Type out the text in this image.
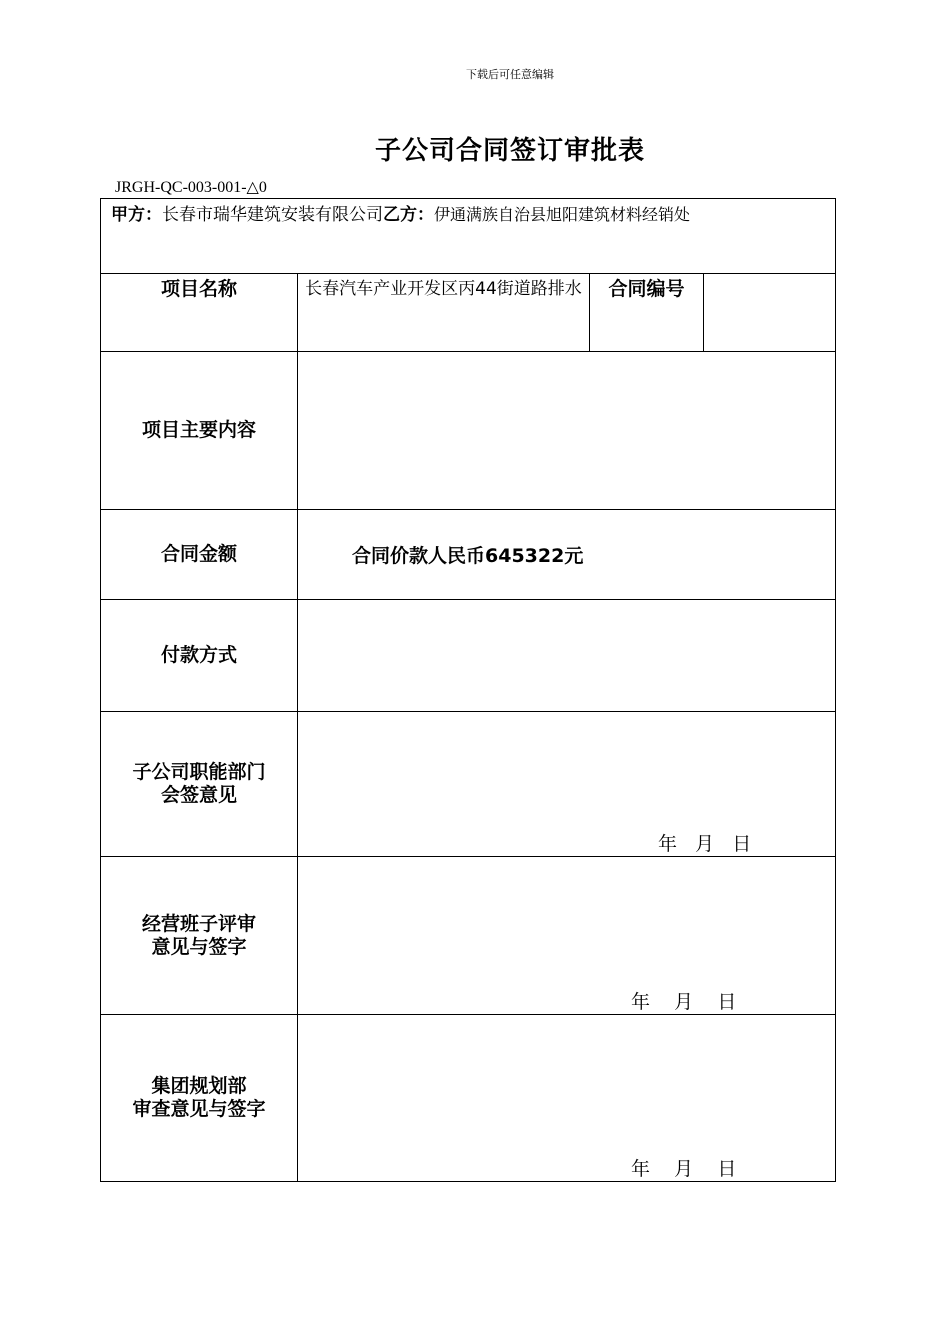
下载后可任意编辑
子公司合同签订审批表
JRGH-QC-003-001-△0
甲方：长春市瑞华建筑安装有限公司乙方：伊通满族自治县旭阳建筑材料经销处			

项目名称	长春汽车产业开发区丙44街道路排水	合同编号	
项目主要内容			
合同金额	合同价款人民币645322元		
付款方式			
子公司职能部门
会签意见	年   月   日		

经营班子评审
意见与签字	年    月    日		

集团规划部
审查意见与签字	年    月    日		
